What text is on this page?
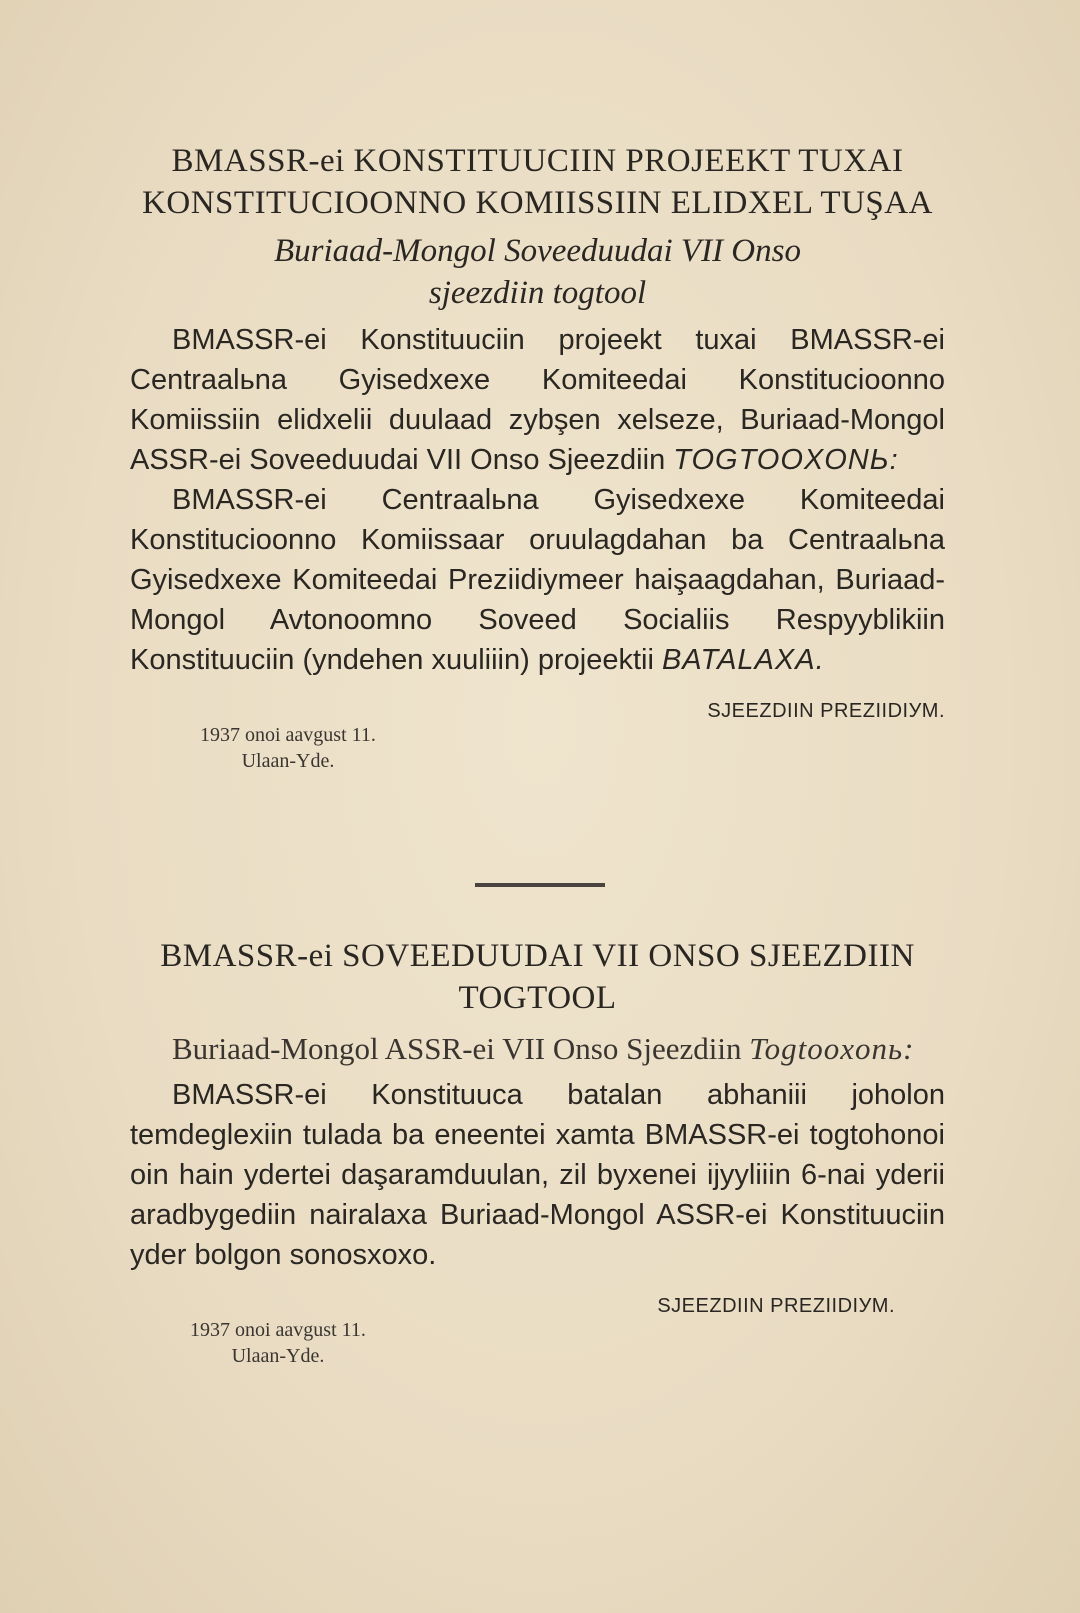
BMASSR-ei KONSTITUUCIIN PROJEEKT TUXAI

KONSTITUCIOONNO KOMIISSIIN ELIDXEL TUŞAA

Buriaad-Mongol Soveeduudai VII Onso

sjeezdiin togtool

BMASSR-ei Konstituuciin projeekt tuxai BMASSR-ei Centraalьna Gyisedxexe Komiteedai Konstitucioonno Komiissiin elidxelii duulaad zybşen xelseze, Buriaad-Mongol ASSR-ei Soveeduudai VII Onso Sjeezdiin TOGTOOXONЬ:

BMASSR-ei Centraalьna Gyisedxexe Komiteedai Konstitucioonno Komiissaar oruulagdahan ba Centraalьna Gyisedxexe Komiteedai Preziidiymeer haişaagdahan, Buriaad-Mongol Avtonoomno Soveed Socialiis Respyyblikiin Konstituuciin (yndehen xuuliiin) projeektii BATALAXA.

SJEEZDIIN PREZIIDIУM.
1937 onoi aavgust 11.
Ulaan-Yde.

BMASSR-ei SOVEEDUUDAI VII ONSO SJEEZDIIN

TOGTOOL

Buriaad-Mongol ASSR-ei VII Onso Sjeezdiin Togtooxonь:

BMASSR-ei Konstituuca batalan abhaniii joholon temdeglexiin tulada ba eneentei xamta BMASSR-ei togtohonoi oin hain ydertei daşaramduulan, zil byxenei ijyyliiin 6-nai yderii aradbygediin nairalaxa Buriaad-Mongol ASSR-ei Konstituuciin yder bolgon sonosxoxo.

SJEEZDIIN PREZIIDIУM.
1937 onoi aavgust 11.
Ulaan-Yde.
